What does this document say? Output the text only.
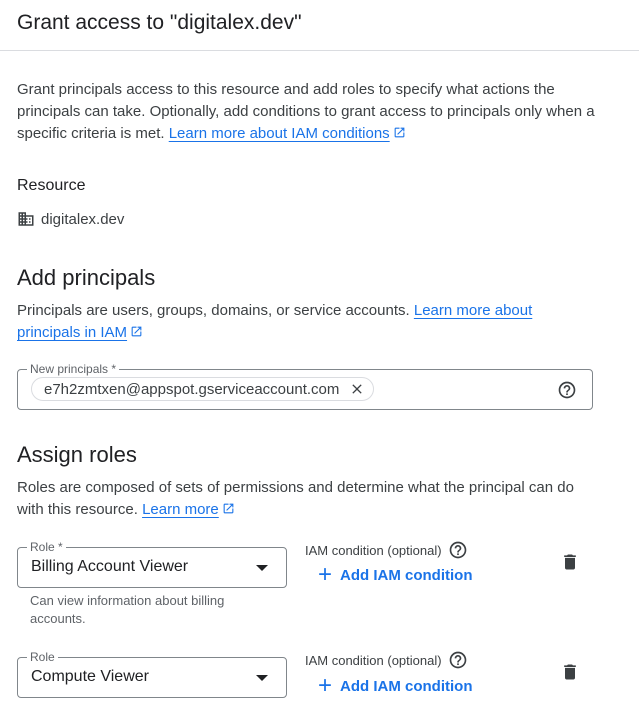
Grant access to "digitalex.dev"
Grant principals access to this resource and add roles to specify what actions the principals can take. Optionally, add conditions to grant access to principals only when a specific criteria is met. Learn more about IAM conditions
Resource
digitalex.dev
Add principals
Principals are users, groups, domains, or service accounts. Learn more about principals in IAM
New principals *
e7h2zmtxen@appspot.gserviceaccount.com
Assign roles
Roles are composed of sets of permissions and determine what the principal can do with this resource. Learn more
Role *
Billing Account Viewer
Can view information about billing accounts.
IAM condition (optional)
+ Add IAM condition
Role
Compute Viewer
IAM condition (optional)
+ Add IAM condition
